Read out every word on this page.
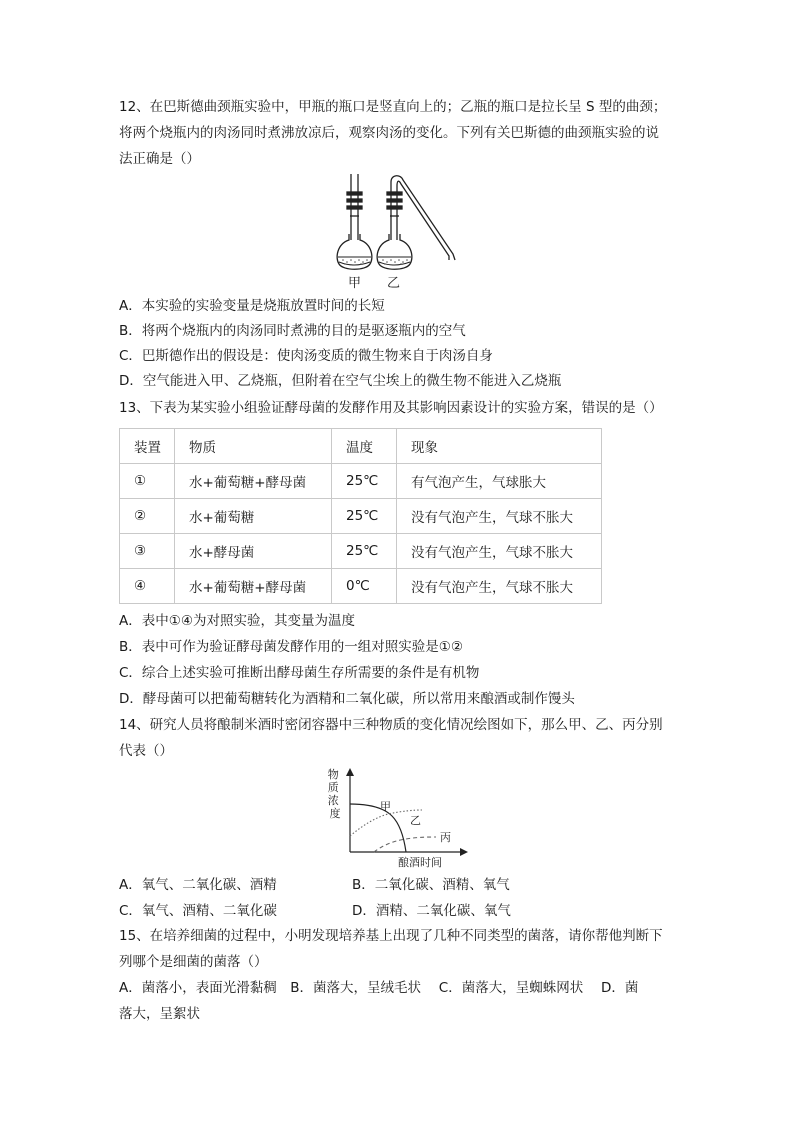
12、在巴斯德曲颈瓶实验中，甲瓶的瓶口是竖直向上的；乙瓶的瓶口是拉长呈 S 型的曲颈；
将两个烧瓶内的肉汤同时煮沸放凉后，观察肉汤的变化。下列有关巴斯德的曲颈瓶实验的说
法正确是（）
甲 乙
A．本实验的实验变量是烧瓶放置时间的长短
B．将两个烧瓶内的肉汤同时煮沸的目的是驱逐瓶内的空气
C．巴斯德作出的假设是：使肉汤变质的微生物来自于肉汤自身
D．空气能进入甲、乙烧瓶，但附着在空气尘埃上的微生物不能进入乙烧瓶
13、下表为某实验小组验证酵母菌的发酵作用及其影响因素设计的实验方案，错误的是（）
装置	物质	温度	现象
①	水+葡萄糖+酵母菌	25℃	有气泡产生，气球胀大
②	水+葡萄糖	25℃	没有气泡产生，气球不胀大
③	水+酵母菌	25℃	没有气泡产生，气球不胀大
④	水+葡萄糖+酵母菌	0℃	没有气泡产生，气球不胀大
A．表中①④为对照实验，其变量为温度
B．表中可作为验证酵母菌发酵作用的一组对照实验是①②
C．综合上述实验可推断出酵母菌生存所需要的条件是有机物
D．酵母菌可以把葡萄糖转化为酒精和二氧化碳，所以常用来酿酒或制作馒头
14、研究人员将酿制米酒时密闭容器中三种物质的变化情况绘图如下，那么甲、乙、丙分别
代表（）
物 质 浓 度
甲
乙
丙
酿酒时间
A．氧气、二氧化碳、酒精	B．二氧化碳、酒精、氧气
C．氧气、酒精、二氧化碳	D．酒精、二氧化碳、氧气
15、在培养细菌的过程中，小明发现培养基上出现了几种不同类型的菌落，请你帮他判断下
列哪个是细菌的菌落（）
A．菌落小，表面光滑黏稠　B．菌落大，呈绒毛状　 C．菌落大，呈蜘蛛网状　 D．菌
落大，呈絮状
